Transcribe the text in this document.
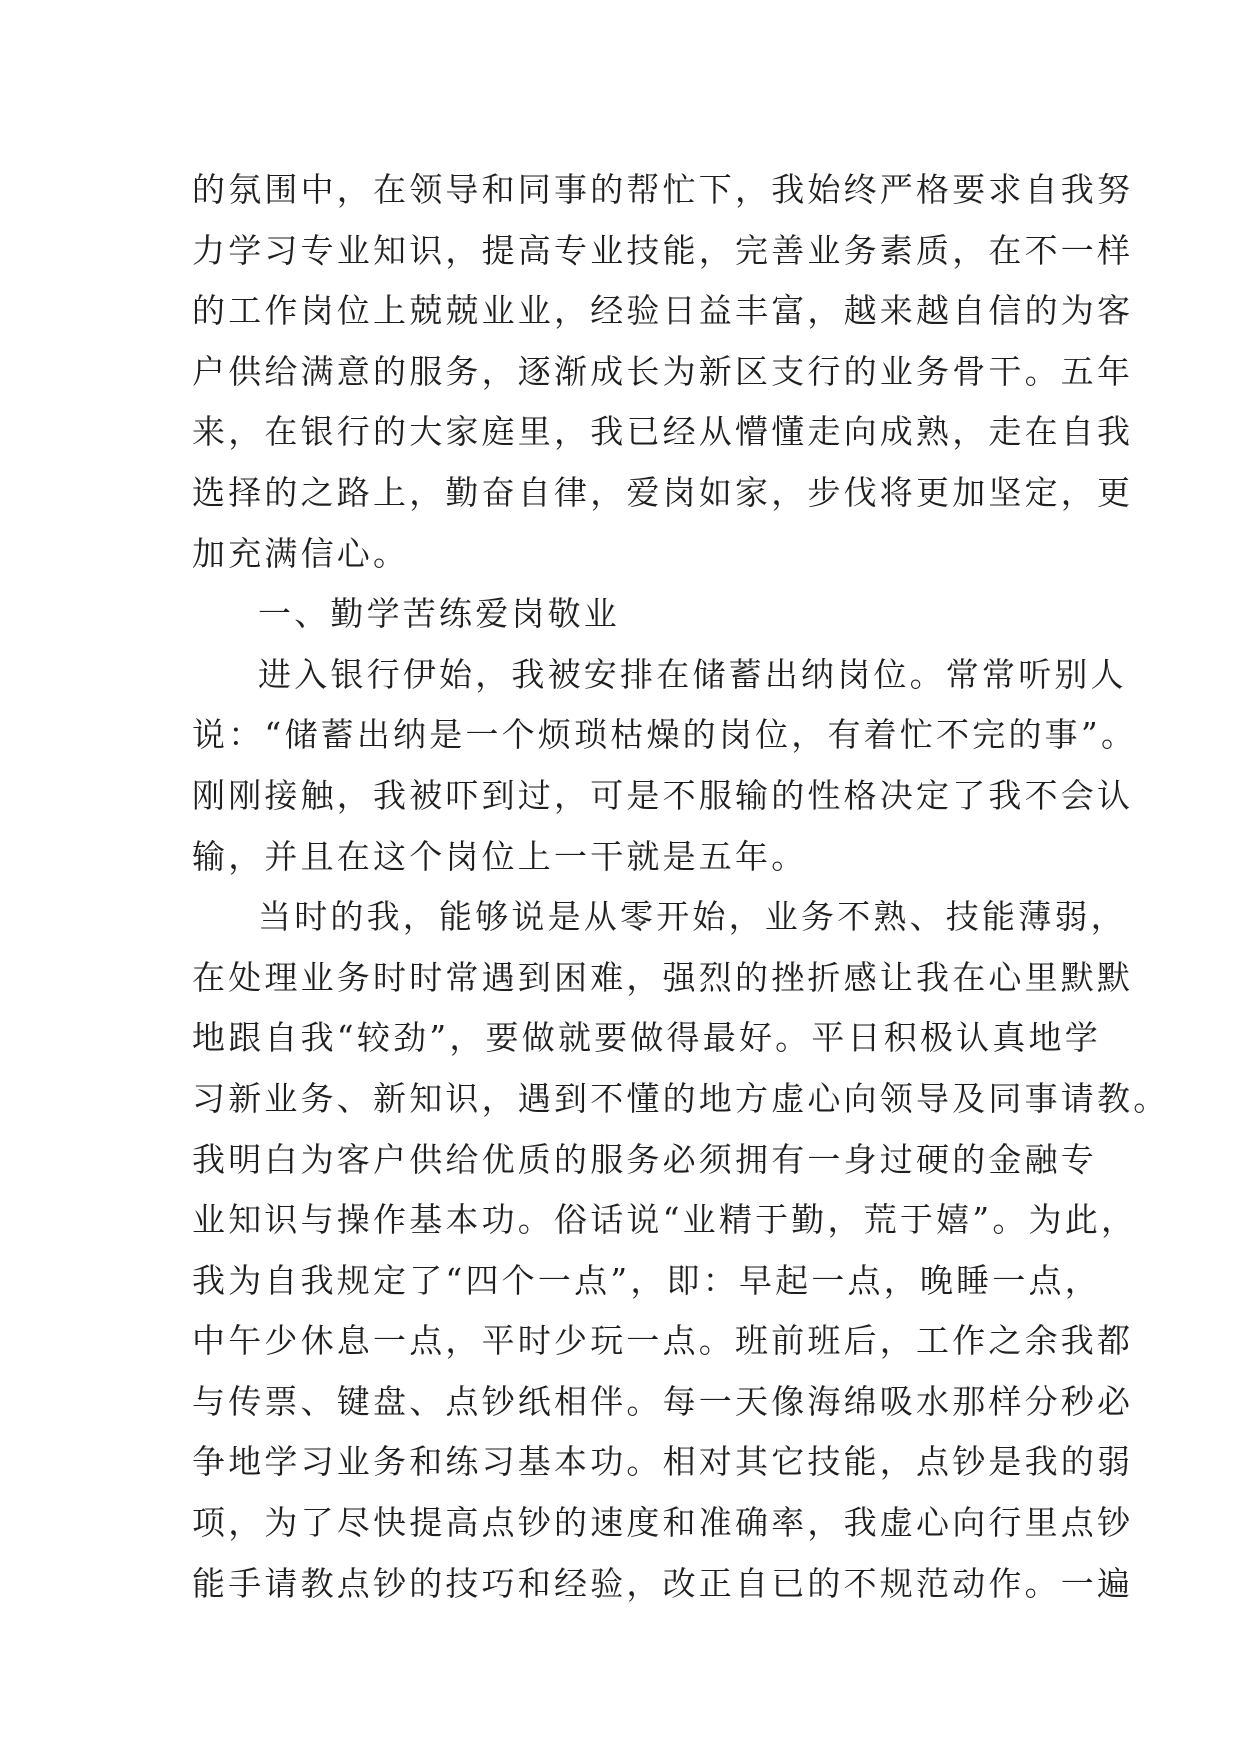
的氛围中，在领导和同事的帮忙下，我始终严格要求自我努
力学习专业知识，提高专业技能，完善业务素质，在不一样
的工作岗位上兢兢业业，经验日益丰富，越来越自信的为客
户供给满意的服务，逐渐成长为新区支行的业务骨干。五年
来，在银行的大家庭里，我已经从懵懂走向成熟，走在自我
选择的之路上，勤奋自律，爱岗如家，步伐将更加坚定，更
加充满信心。
一、勤学苦练爱岗敬业
进入银行伊始，我被安排在储蓄出纳岗位。常常听别人
说：“储蓄出纳是一个烦琐枯燥的岗位，有着忙不完的事”。
刚刚接触，我被吓到过，可是不服输的性格决定了我不会认
输，并且在这个岗位上一干就是五年。
当时的我，能够说是从零开始，业务不熟、技能薄弱，
在处理业务时时常遇到困难，强烈的挫折感让我在心里默默
地跟自我“较劲”，要做就要做得最好。平日积极认真地学
习新业务、新知识，遇到不懂的地方虚心向领导及同事请教。
我明白为客户供给优质的服务必须拥有一身过硬的金融专
业知识与操作基本功。俗话说“业精于勤，荒于嬉”。为此，
我为自我规定了“四个一点”，即：早起一点，晚睡一点，
中午少休息一点，平时少玩一点。班前班后，工作之余我都
与传票、键盘、点钞纸相伴。每一天像海绵吸水那样分秒必
争地学习业务和练习基本功。相对其它技能，点钞是我的弱
项，为了尽快提高点钞的速度和准确率，我虚心向行里点钞
能手请教点钞的技巧和经验，改正自已的不规范动作。一遍
